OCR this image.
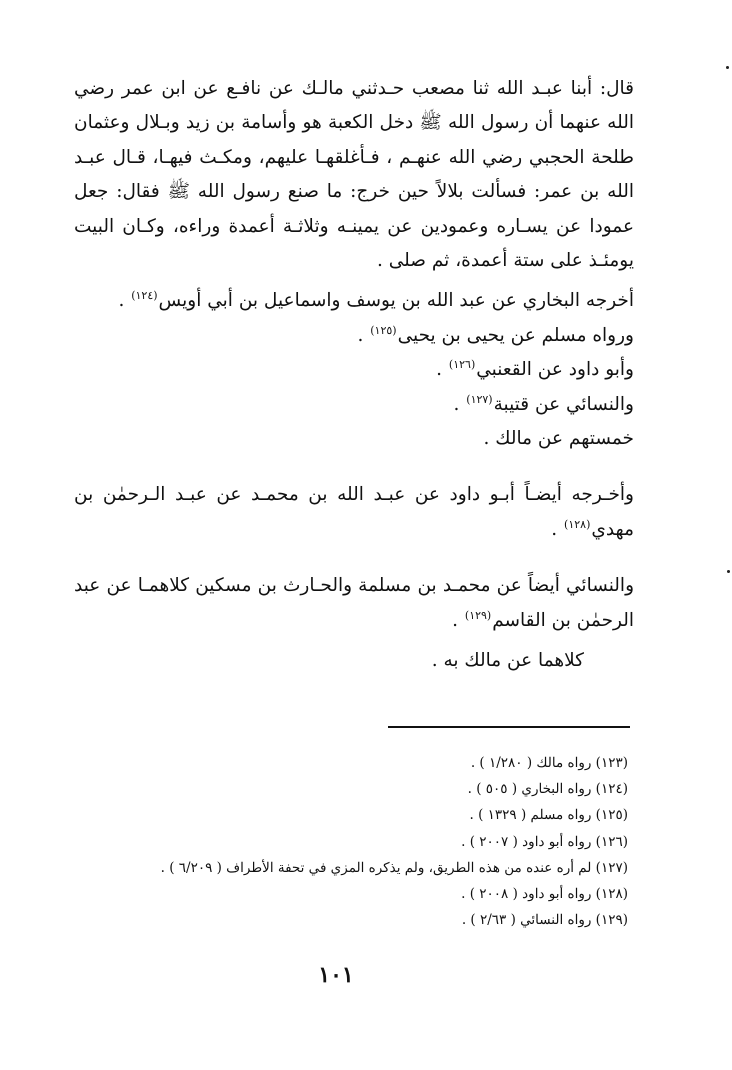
قال: أبنا عبـد الله ثنا مصعب حـدثني مالـك عن نافـع عن ابن عمر رضي الله عنهما أن رسول الله ﷺ دخل الكعبة هو وأسامة بن زيد وبـلال وعثمان طلحة الحجبي رضي الله عنهـم ، فـأغلقهـا عليهم، ومكـث فيهـا، قـال عبـد الله بن عمر: فسألت بلالاً حين خرج: ما صنع رسول الله ﷺ فقال: جعل عمودا عن يسـاره وعمودين عن يمينـه وثلاثـة أعمدة وراءه، وكـان البيت يومئـذ على ستة أعمدة، ثم صلى .

أخرجه البخاري عن عبد الله بن يوسف واسماعيل بن أبي أويس$^{(١٢٤)}$ .

ورواه مسلم عن يحيى بن يحيى$^{(١٢٥)}$ .

وأبو داود عن القعنبي$^{(١٢٦)}$ .

والنسائي عن قتيبة$^{(١٢٧)}$ .

خمستهم عن مالك .

وأخـرجه أيضـاً أبـو داود عن عبـد الله بن محمـد عن عبـد الـرحمٰن بن مهدي$^{(١٢٨)}$ .

والنسائي أيضاً عن محمـد بن مسلمة والحـارث بن مسكين كلاهمـا عن عبد الرحمٰن بن القاسم$^{(١٢٩)}$ .

كلاهما عن مالك به .

(١٢٣) رواه مالك ( ١/٢٨٠ ) .
(١٢٤) رواه البخاري ( ٥٠٥ ) .
(١٢٥) رواه مسلم ( ١٣٢٩ ) .
(١٢٦) رواه أبو داود ( ٢٠٠٧ ) .
(١٢٧) لم أره عنده من هذه الطريق، ولم يذكره المزي في تحفة الأطراف ( ٦/٢٠٩ ) .
(١٢٨) رواه أبو داود ( ٢٠٠٨ ) .
(١٢٩) رواه النسائي ( ٢/٦٣ ) .
١٠١
